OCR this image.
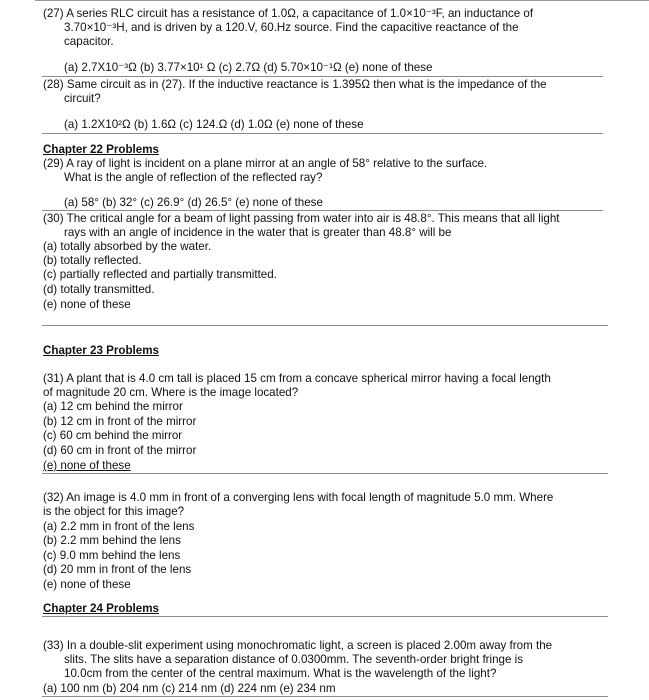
(27) A series RLC circuit has a resistance of 1.0Ω, a capacitance of 1.0×10⁻³F, an inductance of
3.70×10⁻³H, and is driven by a 120.V, 60.Hz source. Find the capacitive reactance of the
capacitor.
(a) 2.7X10⁻³Ω (b) 3.77×10¹ Ω (c) 2.7Ω (d) 5.70×10⁻¹Ω (e) none of these
(28) Same circuit as in (27). If the inductive reactance is 1.395Ω then what is the impedance of the
circuit?
(a) 1.2X10²Ω (b) 1.6Ω (c) 124.Ω (d) 1.0Ω (e) none of these
Chapter 22 Problems
(29) A ray of light is incident on a plane mirror at an angle of 58° relative to the surface.
What is the angle of reflection of the reflected ray?
(a) 58° (b) 32° (c) 26.9° (d) 26.5° (e) none of these
(30) The critical angle for a beam of light passing from water into air is 48.8°. This means that all light
rays with an angle of incidence in the water that is greater than 48.8° will be
(a) totally absorbed by the water.
(b) totally reflected.
(c) partially reflected and partially transmitted.
(d) totally transmitted.
(e) none of these
Chapter 23 Problems
(31) A plant that is 4.0 cm tall is placed 15 cm from a concave spherical mirror having a focal length
of magnitude 20 cm. Where is the image located?
(a) 12 cm behind the mirror
(b) 12 cm in front of the mirror
(c) 60 cm behind the mirror
(d) 60 cm in front of the mirror
(e) none of these
(32) An image is 4.0 mm in front of a converging lens with focal length of magnitude 5.0 mm. Where
is the object for this image?
(a) 2.2 mm in front of the lens
(b) 2.2 mm behind the lens
(c) 9.0 mm behind the lens
(d) 20 mm in front of the lens
(e) none of these
Chapter 24 Problems
(33) In a double-slit experiment using monochromatic light, a screen is placed 2.00m away from the
slits. The slits have a separation distance of 0.0300mm. The seventh-order bright fringe is
10.0cm from the center of the central maximum. What is the wavelength of the light?
(a) 100 nm (b) 204 nm (c) 214 nm (d) 224 nm (e) 234 nm
